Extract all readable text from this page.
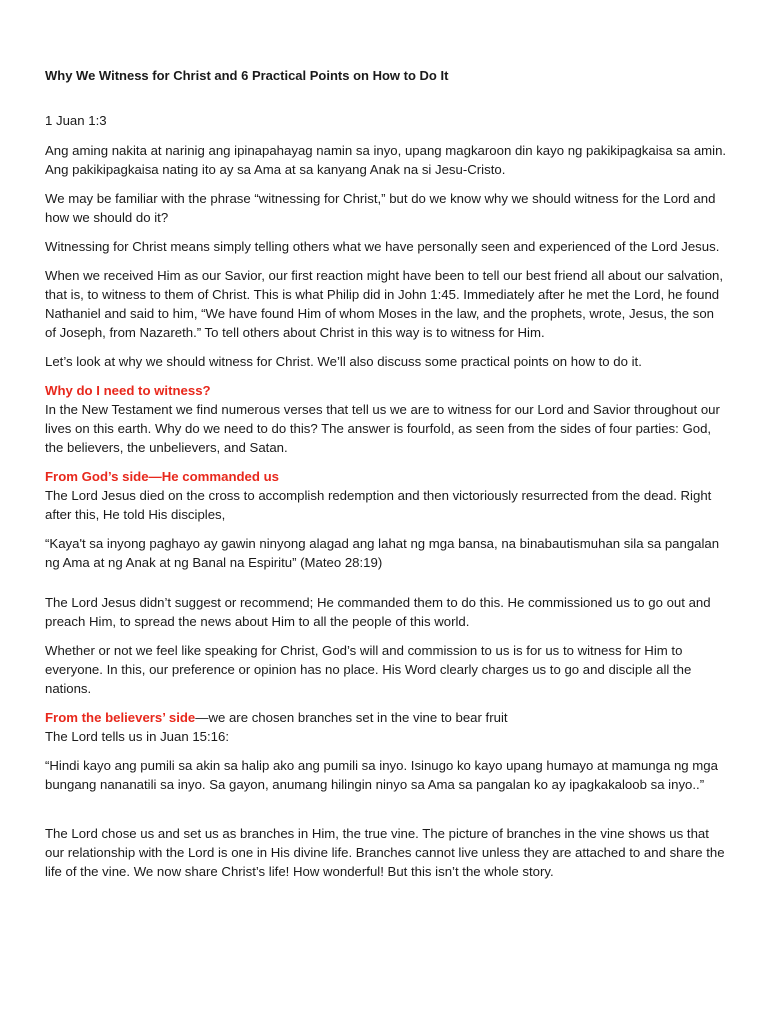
Why We Witness for Christ and 6 Practical Points on How to Do It

1 Juan 1:3

Ang aming nakita at narinig ang ipinapahayag namin sa inyo, upang magkaroon din kayo ng pakikipagkaisa sa amin. Ang pakikipagkaisa nating ito ay sa Ama at sa kanyang Anak na si Jesu-Cristo.

We may be familiar with the phrase “witnessing for Christ,” but do we know why we should witness for the Lord and how we should do it?

Witnessing for Christ means simply telling others what we have personally seen and experienced of the Lord Jesus.

When we received Him as our Savior, our first reaction might have been to tell our best friend all about our salvation, that is, to witness to them of Christ. This is what Philip did in John 1:45. Immediately after he met the Lord, he found Nathaniel and said to him, “We have found Him of whom Moses in the law, and the prophets, wrote, Jesus, the son of Joseph, from Nazareth.” To tell others about Christ in this way is to witness for Him.

Let’s look at why we should witness for Christ. We’ll also discuss some practical points on how to do it.

Why do I need to witness?

In the New Testament we find numerous verses that tell us we are to witness for our Lord and Savior throughout our lives on this earth. Why do we need to do this? The answer is fourfold, as seen from the sides of four parties: God, the believers, the unbelievers, and Satan.

From God’s side—He commanded us

The Lord Jesus died on the cross to accomplish redemption and then victoriously resurrected from the dead. Right after this, He told His disciples,

“Kaya't sa inyong paghayo ay gawin ninyong alagad ang lahat ng mga bansa, na binabautismuhan sila sa pangalan ng Ama at ng Anak at ng Banal na Espiritu” (Mateo 28:19)

The Lord Jesus didn’t suggest or recommend; He commanded them to do this. He commissioned us to go out and preach Him, to spread the news about Him to all the people of this world.

Whether or not we feel like speaking for Christ, God’s will and commission to us is for us to witness for Him to everyone. In this, our preference or opinion has no place. His Word clearly charges us to go and disciple all the nations.

From the believers’ side—we are chosen branches set in the vine to bear fruit

The Lord tells us in Juan 15:16:

“Hindi kayo ang pumili sa akin sa halip ako ang pumili sa inyo. Isinugo ko kayo upang humayo at mamunga ng mga bungang nananatili sa inyo. Sa gayon, anumang hilingin ninyo sa Ama sa pangalan ko ay ipagkakaloob sa inyo..”

The Lord chose us and set us as branches in Him, the true vine. The picture of branches in the vine shows us that our relationship with the Lord is one in His divine life. Branches cannot live unless they are attached to and share the life of the vine. We now share Christ’s life! How wonderful! But this isn’t the whole story.
